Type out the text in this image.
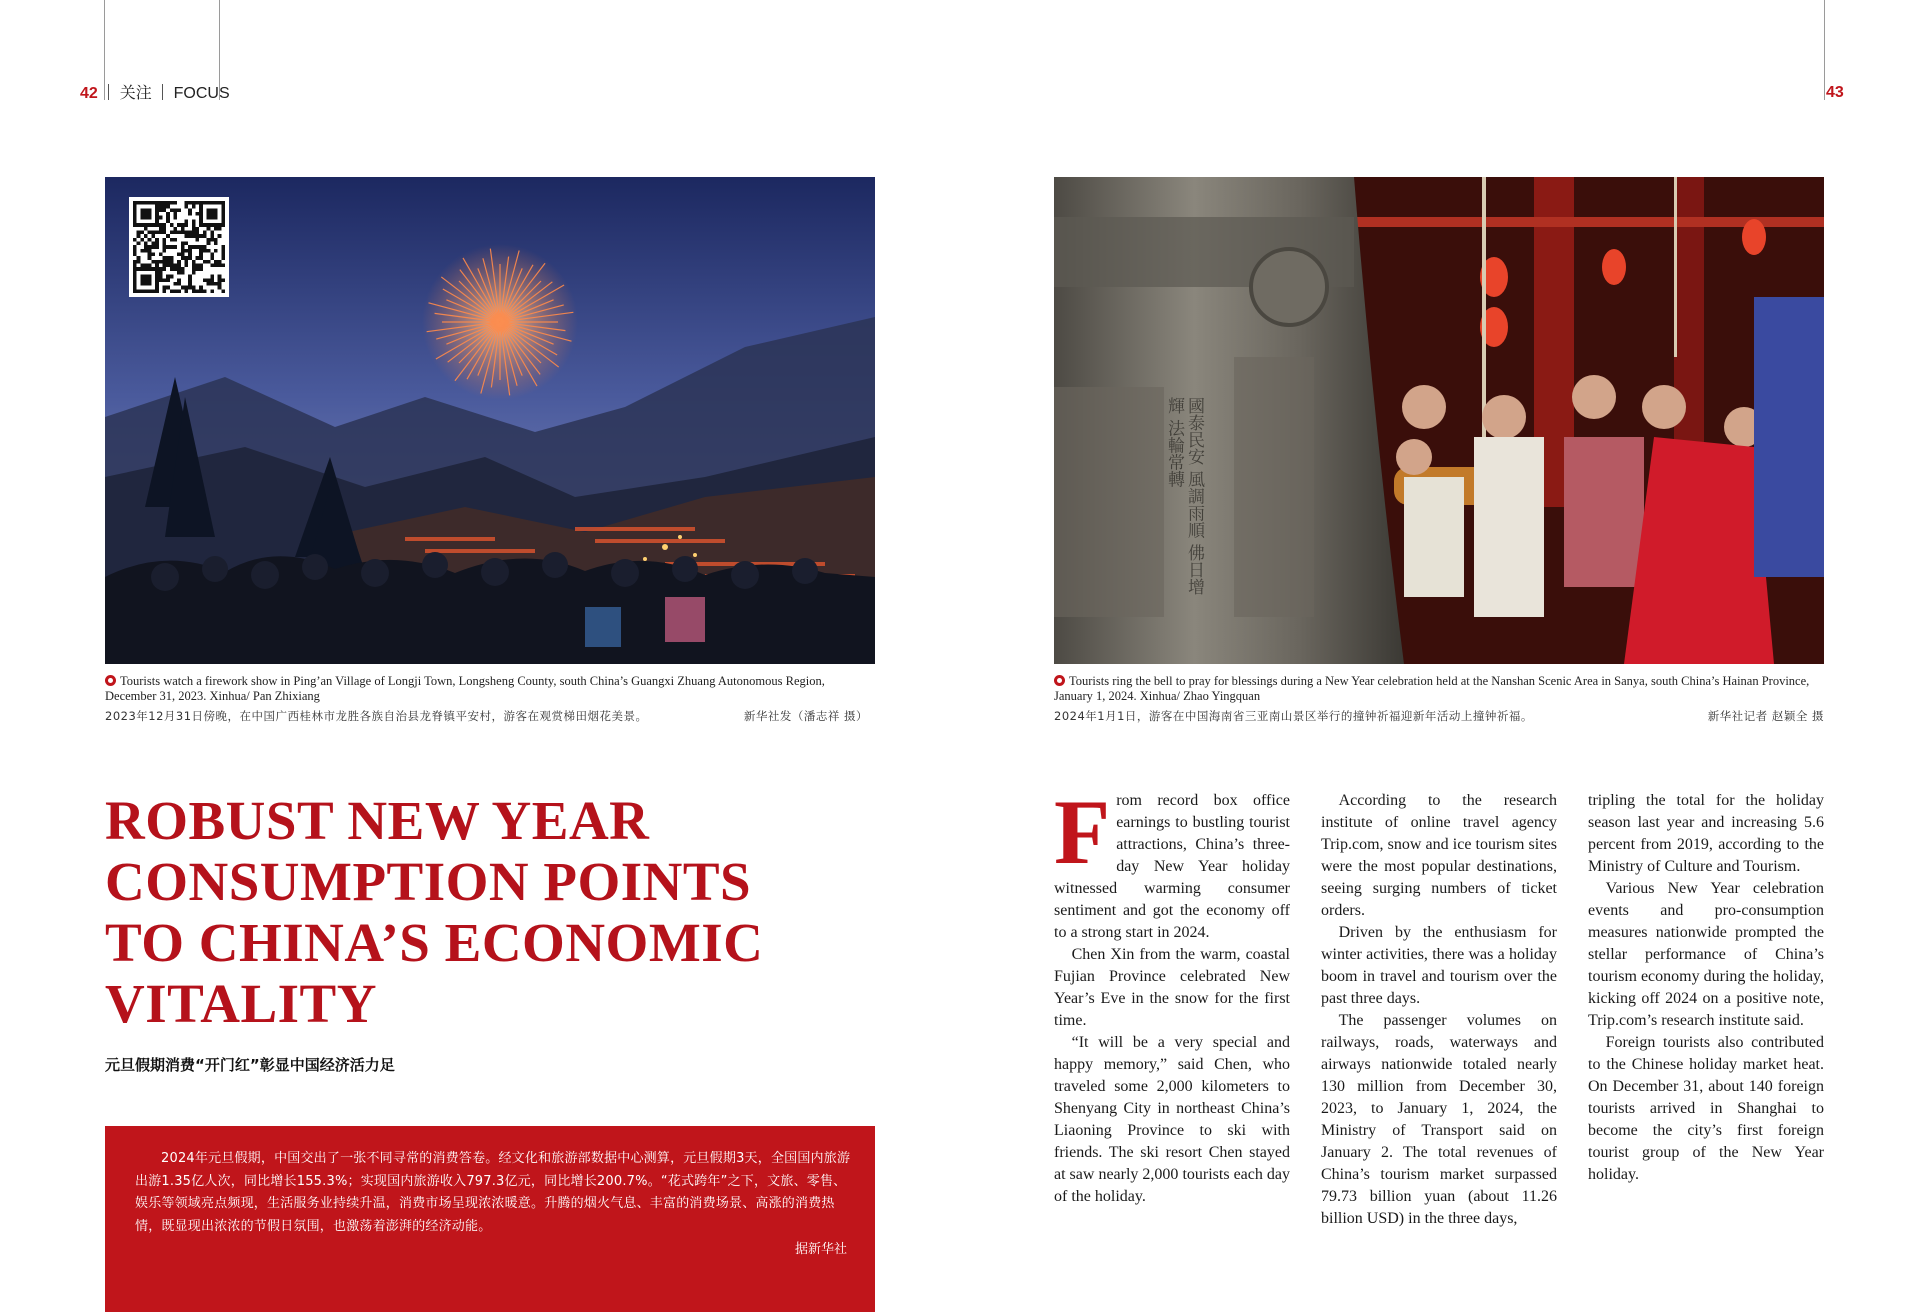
42 关注 FOCUS	43
Tourists watch a firework show in Ping’an Village of Longji Town, Longsheng County, south China’s Guangxi Zhuang Autonomous Region, December 31, 2023. Xinhua/ Pan Zhixiang
2023年12月31日傍晚，在中国广西桂林市龙胜各族自治县龙脊镇平安村，游客在观赏梯田烟花美景。	新华社发（潘志祥 摄）
國泰民安 風調雨順 佛日增輝 法輪常轉
Tourists ring the bell to pray for blessings during a New Year celebration held at the Nanshan Scenic Area in Sanya, south China’s Hainan Province, January 1, 2024. Xinhua/ Zhao Yingquan
2024年1月1日，游客在中国海南省三亚南山景区举行的撞钟祈福迎新年活动上撞钟祈福。	新华社记者 赵颖全 摄
ROBUST NEW YEAR
CONSUMPTION POINTS
TO CHINA’S ECONOMIC
VITALITY
元旦假期消费“开门红”彰显中国经济活力足

2024年元旦假期，中国交出了一张不同寻常的消费答卷。经文化和旅游部数据中心测算，元旦假期3天，全国国内旅游出游1.35亿人次，同比增长155.3%；实现国内旅游收入797.3亿元，同比增长200.7%。“花式跨年”之下，文旅、零售、娱乐等领域亮点频现，生活服务业持续升温，消费市场呈现浓浓暖意。升腾的烟火气息、丰富的消费场景、高涨的消费热情，既显现出浓浓的节假日氛围，也激荡着澎湃的经济动能。

据新华社
F rom record box office earnings to bustling tourist attractions, China’s three-day New Year holiday witnessed warming consumer sentiment and got the economy off to a strong start in 2024.

Chen Xin from the warm, coastal Fujian Province celebrated New Year’s Eve in the snow for the first time.

“It will be a very special and happy memory,” said Chen, who traveled some 2,000 kilometers to Shenyang City in northeast China’s Liaoning Province to ski with friends. The ski resort Chen stayed at saw nearly 2,000 tourists each day of the holiday.

According to the research institute of online travel agency Trip.com, snow and ice tourism sites were the most popular destinations, seeing surging numbers of ticket orders.

Driven by the enthusiasm for winter activities, there was a holiday boom in travel and tourism over the past three days.

The passenger volumes on railways, roads, waterways and airways nationwide totaled nearly 130 million from December 30, 2023, to January 1, 2024, the Ministry of Transport said on January 2. The total revenues of China’s tourism market surpassed 79.73 billion yuan (about 11.26 billion USD) in the three days,

tripling the total for the holiday season last year and increasing 5.6 percent from 2019, according to the Ministry of Culture and Tourism.

Various New Year celebration events and pro-consumption measures nationwide prompted the stellar performance of China’s tourism economy during the holiday, kicking off 2024 on a positive note, Trip.com’s research institute said.

Foreign tourists also contributed to the Chinese holiday market heat. On December 31, about 140 foreign tourists arrived in Shanghai to become the city’s first foreign tourist group of the New Year holiday.
